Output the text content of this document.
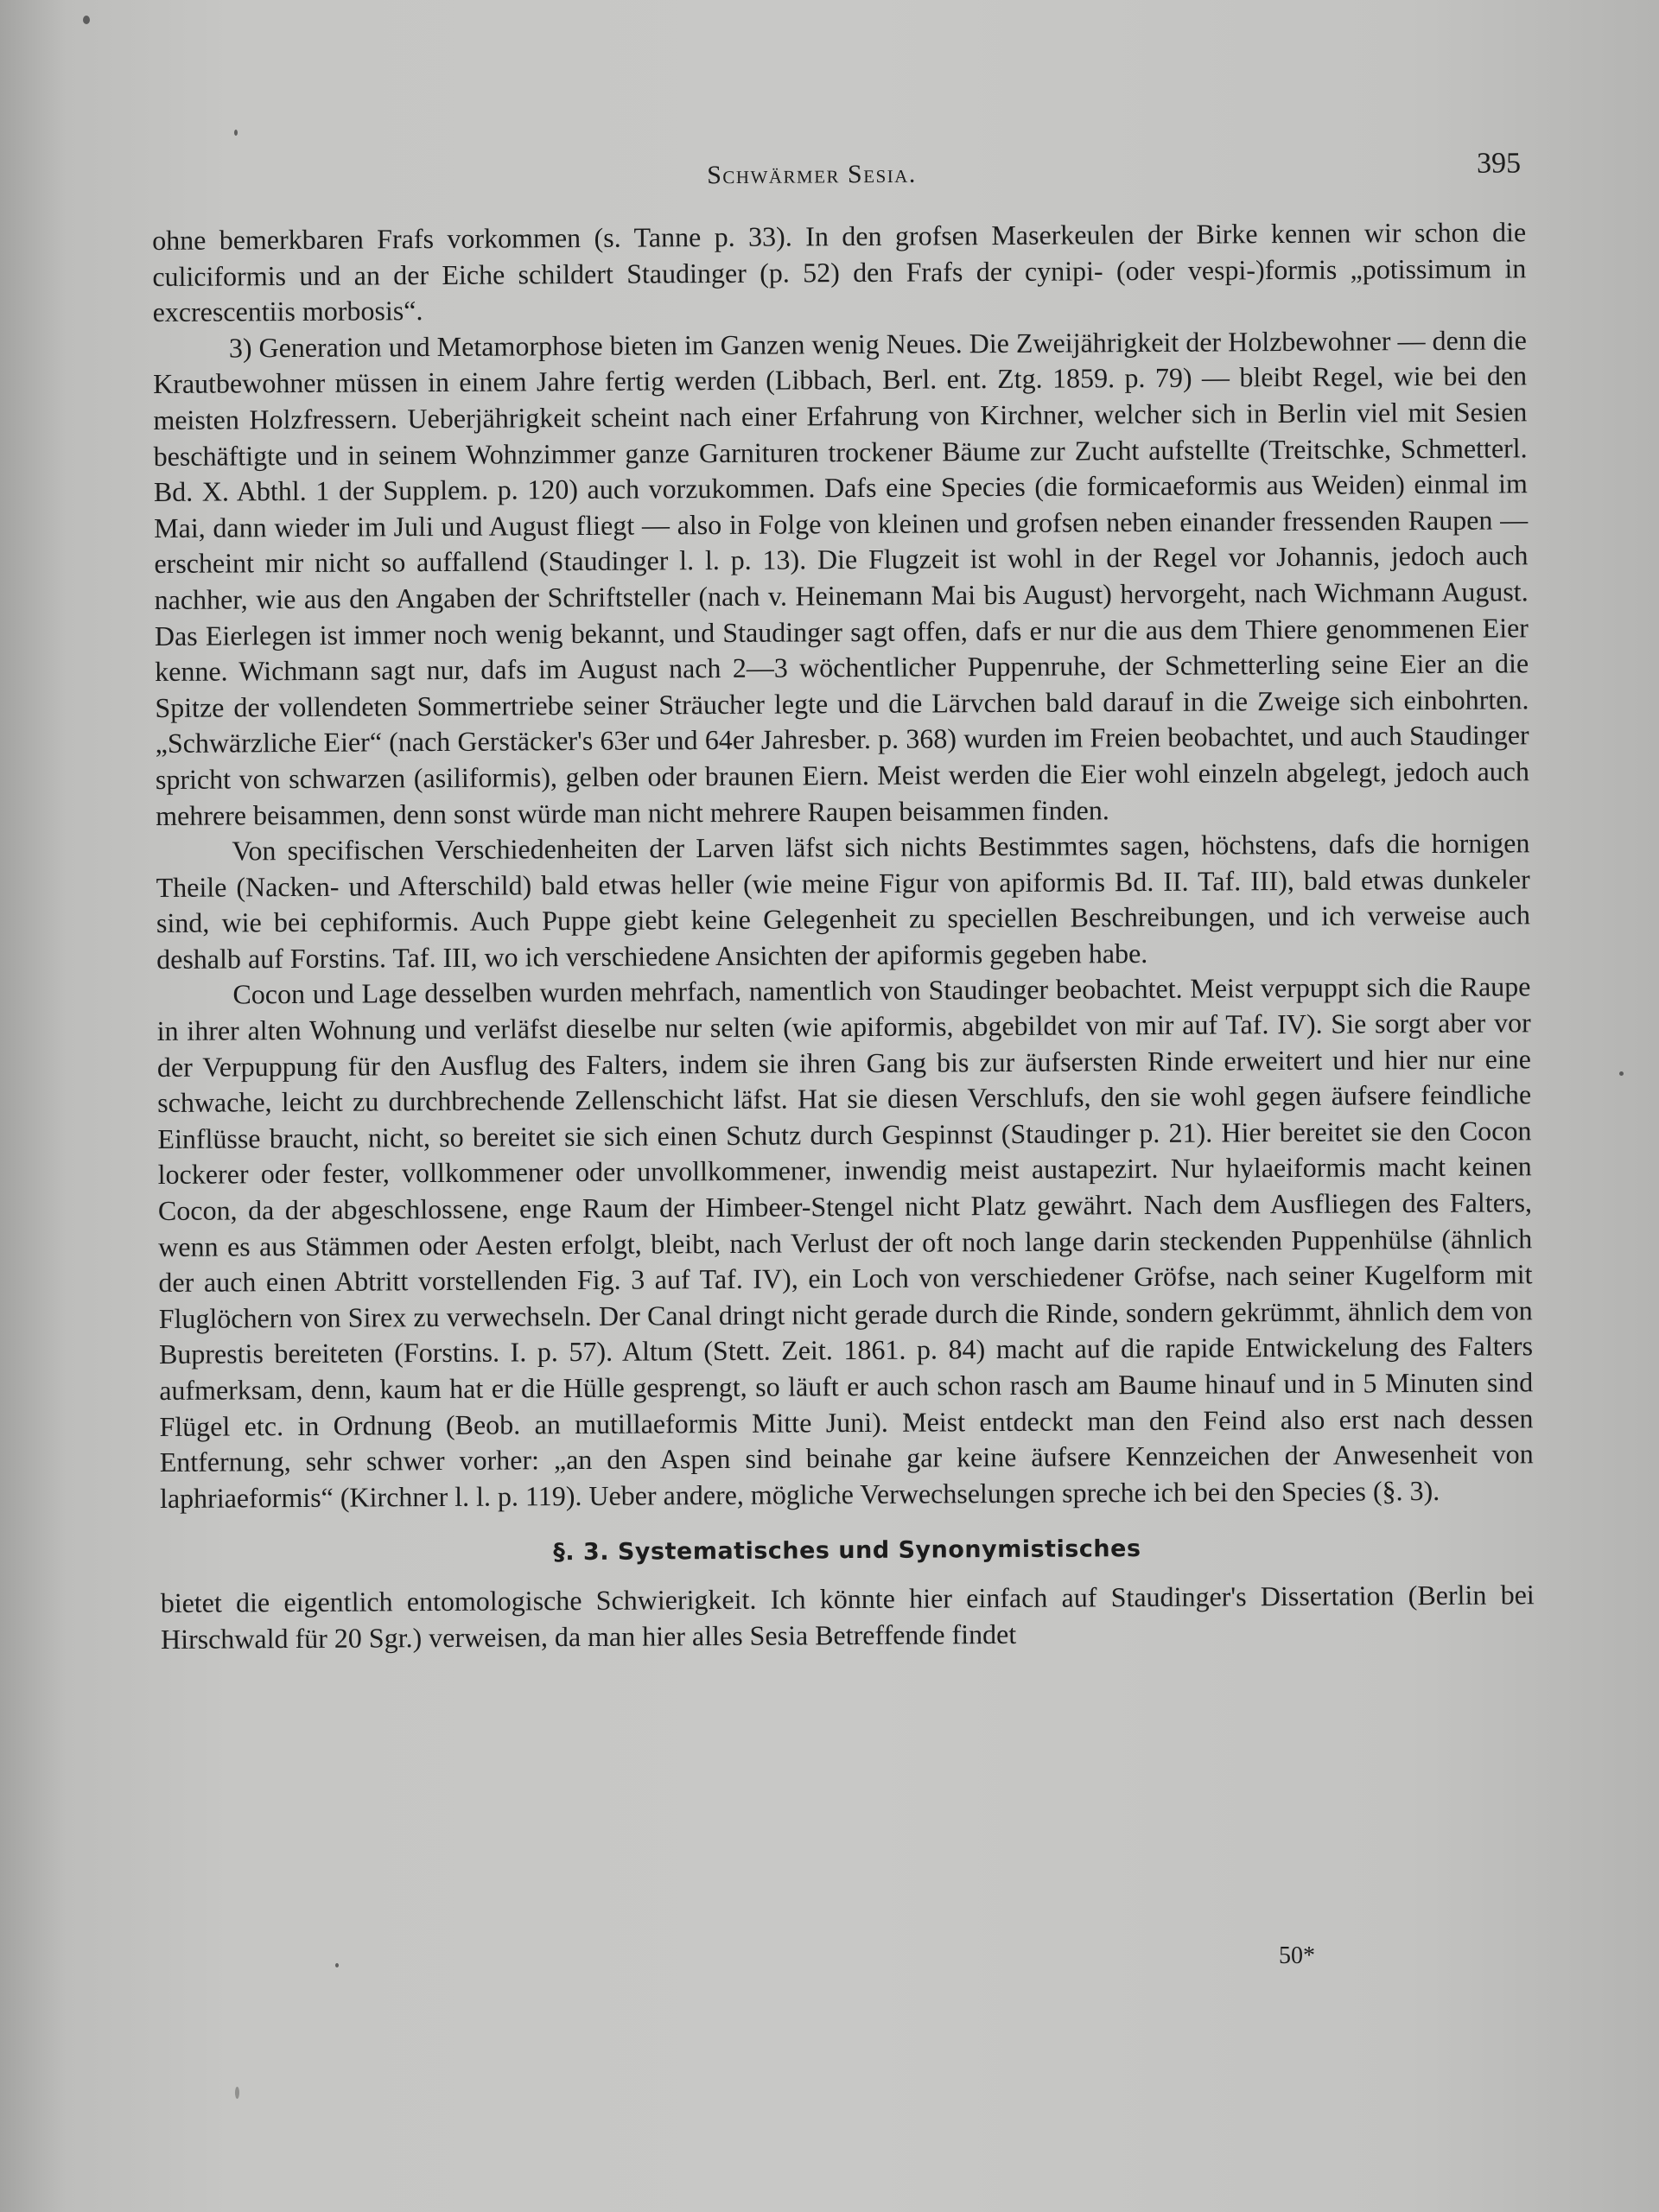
Schwärmer Sesia.	395

ohne bemerkbaren Frafs vorkommen (s. Tanne p. 33). In den grofsen Maserkeulen der Birke kennen wir schon die culiciformis und an der Eiche schildert Staudinger (p. 52) den Frafs der cynipi- (oder vespi-)formis „potissimum in excrescentiis morbosis“.

3) Generation und Metamorphose bieten im Ganzen wenig Neues. Die Zweijährigkeit der Holzbewohner — denn die Krautbewohner müssen in einem Jahre fertig werden (Libbach, Berl. ent. Ztg. 1859. p. 79) — bleibt Regel, wie bei den meisten Holzfressern. Ueberjährigkeit scheint nach einer Erfahrung von Kirchner, welcher sich in Berlin viel mit Sesien beschäftigte und in seinem Wohnzimmer ganze Garnituren trockener Bäume zur Zucht aufstellte (Treitschke, Schmetterl. Bd. X. Abthl. 1 der Supplem. p. 120) auch vorzukommen. Dafs eine Species (die formicaeformis aus Weiden) einmal im Mai, dann wieder im Juli und August fliegt — also in Folge von kleinen und grofsen neben einander fressenden Raupen — erscheint mir nicht so auffallend (Staudinger l. l. p. 13). Die Flugzeit ist wohl in der Regel vor Johannis, jedoch auch nachher, wie aus den Angaben der Schriftsteller (nach v. Heinemann Mai bis August) hervorgeht, nach Wichmann August. Das Eierlegen ist immer noch wenig bekannt, und Staudinger sagt offen, dafs er nur die aus dem Thiere genommenen Eier kenne. Wichmann sagt nur, dafs im August nach 2—3 wöchentlicher Puppenruhe, der Schmetterling seine Eier an die Spitze der vollendeten Sommertriebe seiner Sträucher legte und die Lärvchen bald darauf in die Zweige sich einbohrten. „Schwärzliche Eier“ (nach Gerstäcker's 63er und 64er Jahresber. p. 368) wurden im Freien beobachtet, und auch Staudinger spricht von schwarzen (asiliformis), gelben oder braunen Eiern. Meist werden die Eier wohl einzeln abgelegt, jedoch auch mehrere beisammen, denn sonst würde man nicht mehrere Raupen beisammen finden.

Von specifischen Verschiedenheiten der Larven läfst sich nichts Bestimmtes sagen, höchstens, dafs die hornigen Theile (Nacken- und Afterschild) bald etwas heller (wie meine Figur von apiformis Bd. II. Taf. III), bald etwas dunkeler sind, wie bei cephiformis. Auch Puppe giebt keine Gelegenheit zu speciellen Beschreibungen, und ich verweise auch deshalb auf Forstins. Taf. III, wo ich verschiedene Ansichten der apiformis gegeben habe.

Cocon und Lage desselben wurden mehrfach, namentlich von Staudinger beobachtet. Meist verpuppt sich die Raupe in ihrer alten Wohnung und verläfst dieselbe nur selten (wie apiformis, abgebildet von mir auf Taf. IV). Sie sorgt aber vor der Verpuppung für den Ausflug des Falters, indem sie ihren Gang bis zur äufsersten Rinde erweitert und hier nur eine schwache, leicht zu durchbrechende Zellenschicht läfst. Hat sie diesen Verschlufs, den sie wohl gegen äufsere feindliche Einflüsse braucht, nicht, so bereitet sie sich einen Schutz durch Gespinnst (Staudinger p. 21). Hier bereitet sie den Cocon lockerer oder fester, vollkommener oder unvollkommener, inwendig meist austapezirt. Nur hylaeiformis macht keinen Cocon, da der abgeschlossene, enge Raum der Himbeer-Stengel nicht Platz gewährt. Nach dem Ausfliegen des Falters, wenn es aus Stämmen oder Aesten erfolgt, bleibt, nach Verlust der oft noch lange darin steckenden Puppenhülse (ähnlich der auch einen Abtritt vorstellenden Fig. 3 auf Taf. IV), ein Loch von verschiedener Gröfse, nach seiner Kugelform mit Fluglöchern von Sirex zu verwechseln. Der Canal dringt nicht gerade durch die Rinde, sondern gekrümmt, ähnlich dem von Buprestis bereiteten (Forstins. I. p. 57). Altum (Stett. Zeit. 1861. p. 84) macht auf die rapide Entwickelung des Falters aufmerksam, denn, kaum hat er die Hülle gesprengt, so läuft er auch schon rasch am Baume hinauf und in 5 Minuten sind Flügel etc. in Ordnung (Beob. an mutillaeformis Mitte Juni). Meist entdeckt man den Feind also erst nach dessen Entfernung, sehr schwer vorher: „an den Aspen sind beinahe gar keine äufsere Kennzeichen der Anwesenheit von laphriaeformis“ (Kirchner l. l. p. 119). Ueber andere, mögliche Verwechselungen spreche ich bei den Species (§. 3).

§. 3. Systematisches und Synonymistisches

bietet die eigentlich entomologische Schwierigkeit. Ich könnte hier einfach auf Staudinger's Dissertation (Berlin bei Hirschwald für 20 Sgr.) verweisen, da man hier alles Sesia Betreffende findet

50*
